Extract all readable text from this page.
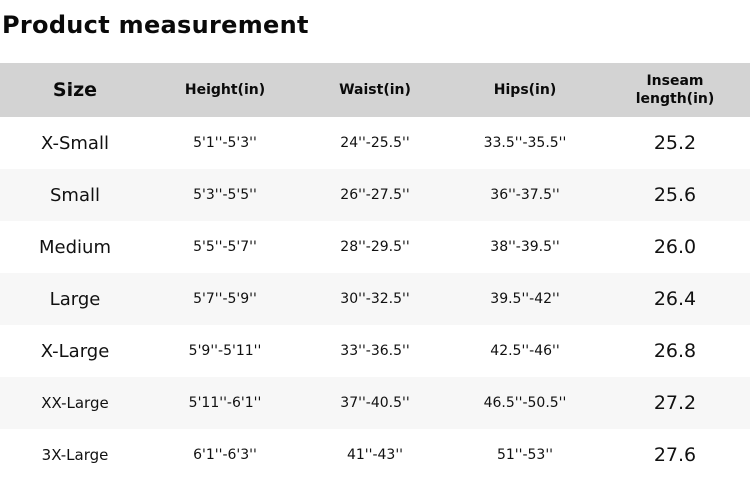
Product measurement
Size	Height(in)	Waist(in)	Hips(in)	Inseam length(in)
X-Small	5'1''-5'3''	24''-25.5''	33.5''-35.5''	25.2
Small	5'3''-5'5''	26''-27.5''	36''-37.5''	25.6
Medium	5'5''-5'7''	28''-29.5''	38''-39.5''	26.0
Large	5'7''-5'9''	30''-32.5''	39.5''-42''	26.4
X-Large	5'9''-5'11''	33''-36.5''	42.5''-46''	26.8
XX-Large	5'11''-6'1''	37''-40.5''	46.5''-50.5''	27.2
3X-Large	6'1''-6'3''	41''-43''	51''-53''	27.6
